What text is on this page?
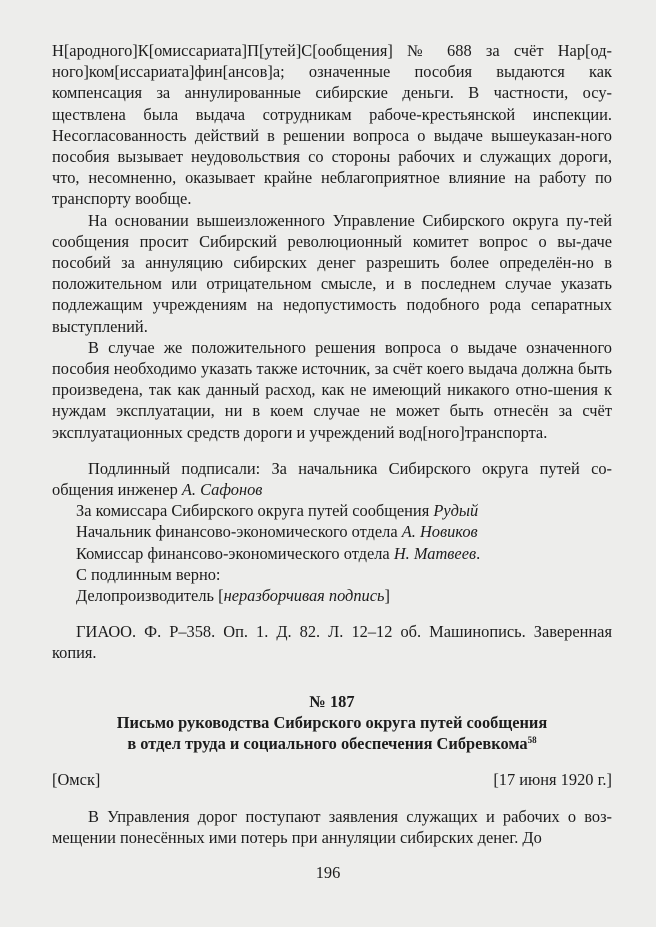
Н[ародного]К[омиссариата]П[утей]С[ообщения] № 688 за счёт Нар[од-ного]ком[иссариата]фин[ансов]а; означенные пособия выдаются как компенсация за аннулированные сибирские деньги. В частности, осу-ществлена была выдача сотрудникам рабоче-крестьянской инспекции. Несогласованность действий в решении вопроса о выдаче вышеуказан-ного пособия вызывает неудовольствия со стороны рабочих и служащих дороги, что, несомненно, оказывает крайне неблагоприятное влияние на работу по транспорту вообще.

На основании вышеизложенного Управление Сибирского округа пу-тей сообщения просит Сибирский революционный комитет вопрос о вы-даче пособий за аннуляцию сибирских денег разрешить более определён-но в положительном или отрицательном смысле, и в последнем случае указать подлежащим учреждениям на недопустимость подобного рода сепаратных выступлений.

В случае же положительного решения вопроса о выдаче означенного пособия необходимо указать также источник, за счёт коего выдача должна быть произведена, так как данный расход, как не имеющий никакого отно-шения к нуждам эксплуатации, ни в коем случае не может быть отнесён за счёт эксплуатационных средств дороги и учреждений вод[ного]транспорта.

Подлинный подписали: За начальника Сибирского округа путей со-общения инженер А. Сафонов

За комиссара Сибирского округа путей сообщения Рудый

Начальник финансово-экономического отдела А. Новиков

Комиссар финансово-экономического отдела Н. Матвеев.

С подлинным верно:

Делопроизводитель [неразборчивая подпись]

ГИАОО. Ф. Р–358. Оп. 1. Д. 82. Л. 12–12 об. Машинопись. Заверенная копия.

№ 187

Письмо руководства Сибирского округа путей сообщения

в отдел труда и социального обеспечения Сибревкома$^{58}$

[Омск]	[17 июня 1920 г.]

В Управления дорог поступают заявления служащих и рабочих о воз-мещении понесённых ими потерь при аннуляции сибирских денег. До

196
